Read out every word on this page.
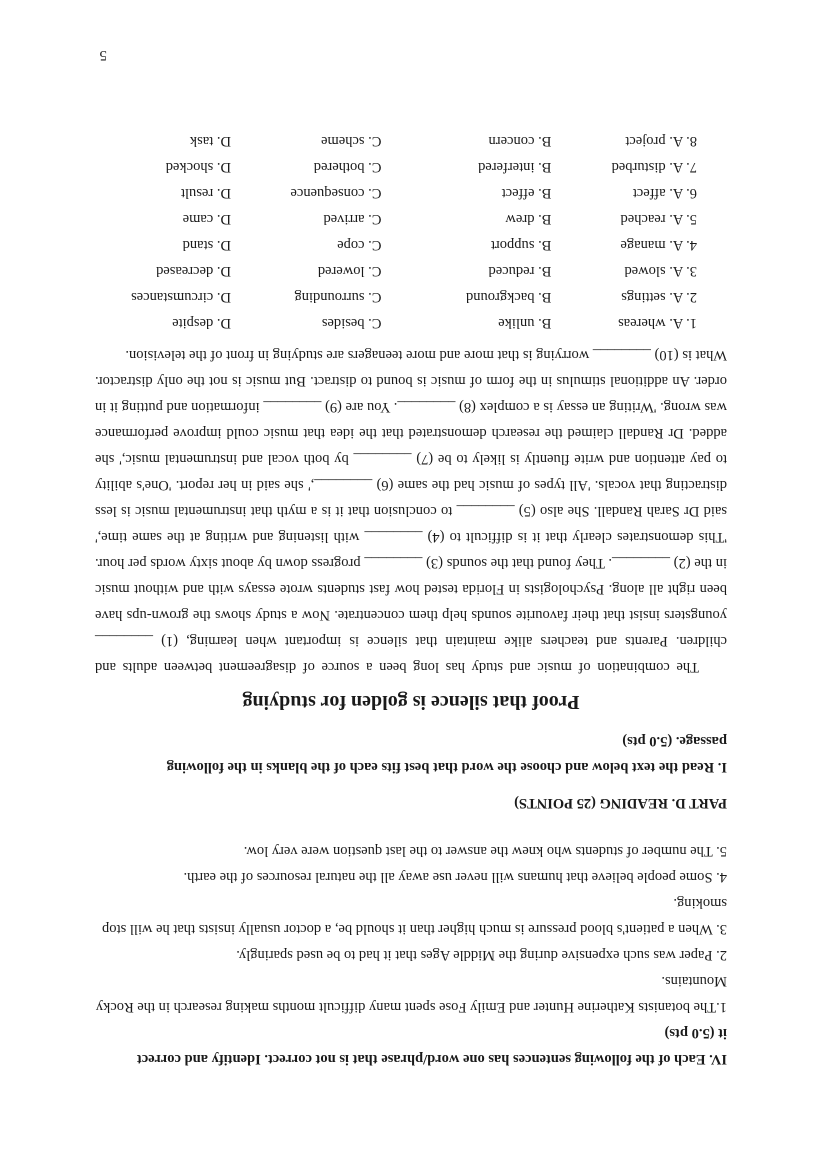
IV. Each of the following sentences has one word/phrase that is not correct. Identify and correct

it (5.0 pts)

1.The botanists Katherine Hunter and Emily Fose spent many difficult months making research in the Rocky Mountains.

2. Paper was such expensive during the Middle Ages that it had to be used sparingly.

3. When a patient's blood pressure is much higher than it should be, a doctor usually insists that he will stop smoking.

4. Some people believe that humans will never use away all the natural resources of the earth.

5. The number of students who knew the answer to the last question were very low.

PART D. READING (25 POINTS)

I. Read the text below and choose the word that best fits each of the blanks in the following

passage. (5.0 pts)

Proof that silence is golden for studying

The combination of music and study has long been a source of disagreement between adults and children. Parents and teachers alike maintain that silence is important when learning, (1) ________ youngsters insist that their favourite sounds help them concentrate. Now a study shows the grown-ups have been right all along. Psychologists in Florida tested how fast students wrote essays with and without music in the (2) ________. They found that the sounds (3) ________ progress down by about sixty words per hour. 'This demonstrates clearly that it is difficult to (4) ________ with listening and writing at the same time,' said Dr Sarah Randall. She also (5) ________ to conclusion that it is a myth that instrumental music is less distracting that vocals. 'All types of music had the same (6) ________,' she said in her report. 'One's ability to pay attention and write fluently is likely to be (7) ________ by both vocal and instrumental music,' she added. Dr Randall claimed the research demonstrated that the idea that music could improve performance was wrong. 'Writing an essay is a complex (8) ________. You are (9) ________ information and putting it in order. An additional stimulus in the form of music is bound to distract. But music is not the only distractor. What is (10) ________ worrying is that more and more teenagers are studying in front of the television.

1. A. whereas
B. unlike
C. besides
D. despite
2. A. settings
B. background
C. surrounding
D. circumstances
3. A. slowed
B. reduced
C. lowered
D. decreased
4. A. manage
B. support
C. cope
D. stand
5. A. reached
B. drew
C. arrived
D. came
6. A. affect
B. effect
C. consequence
D. result
7. A. disturbed
B. interfered
C. bothered
D. shocked
8. A. project
B. concern
C. scheme
D. task
5
